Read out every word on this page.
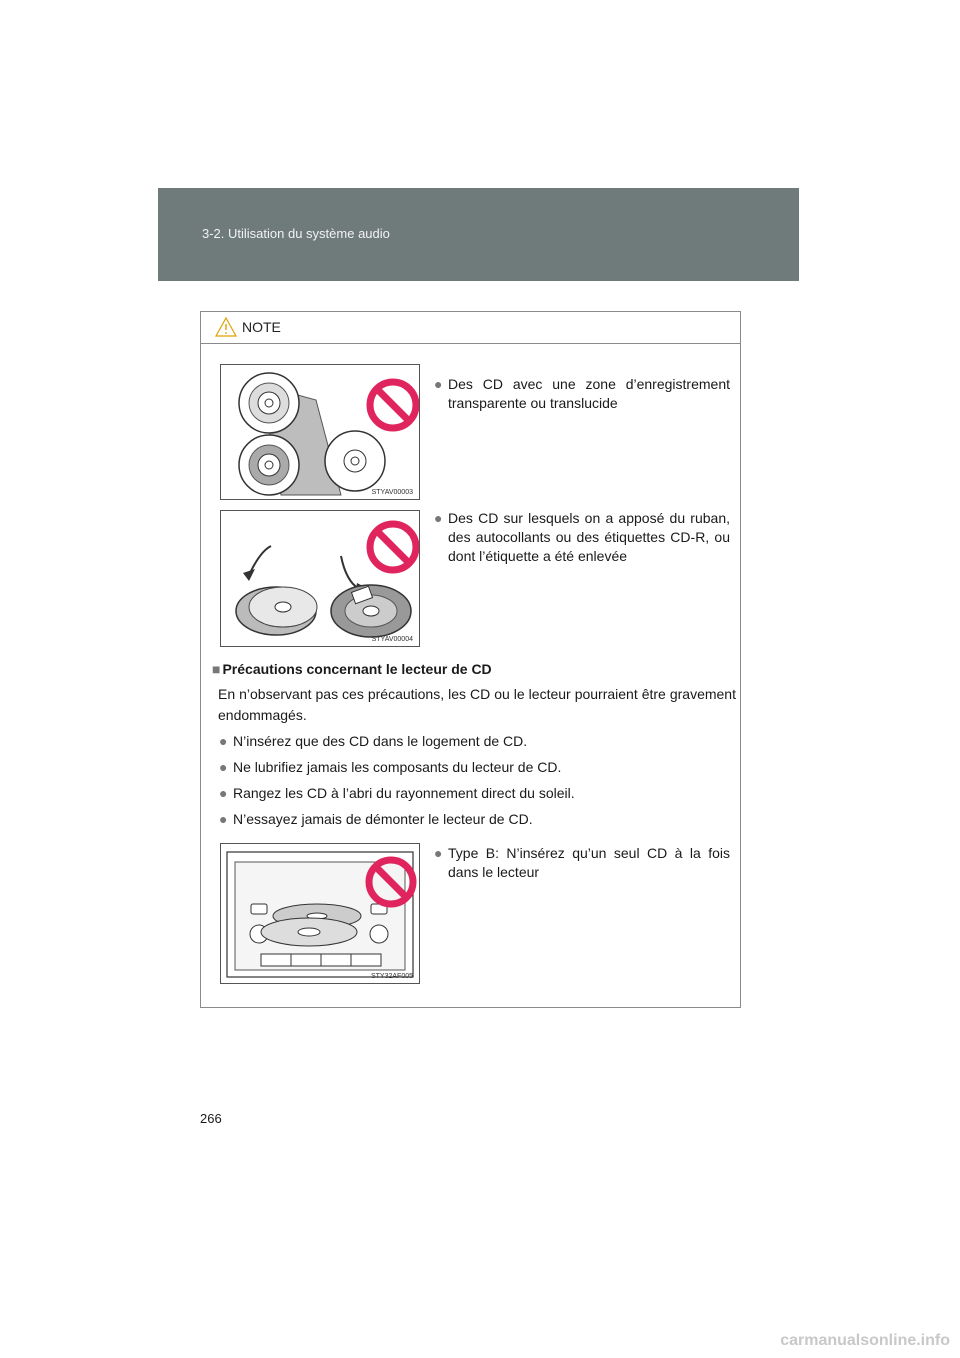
3-2. Utilisation du système audio
NOTE
STYAV00003
● Des CD avec une zone d’enregistrement transparente ou translucide
STYAV00004
● Des CD sur lesquels on a apposé du ruban, des autocollants ou des étiquettes CD-R, ou dont l’étiquette a été enlevée
■ Précautions concernant le lecteur de CD
En n’observant pas ces précautions, les CD ou le lecteur pourraient être gravement endommagés.
● N’insérez que des CD dans le logement de CD.
● Ne lubrifiez jamais les composants du lecteur de CD.
● Rangez les CD à l’abri du rayonnement direct du soleil.
● N’essayez jamais de démonter le lecteur de CD.
STY32AF005
● Type B: N’insérez qu’un seul CD à la fois dans le lecteur
266
carmanualsonline.info
